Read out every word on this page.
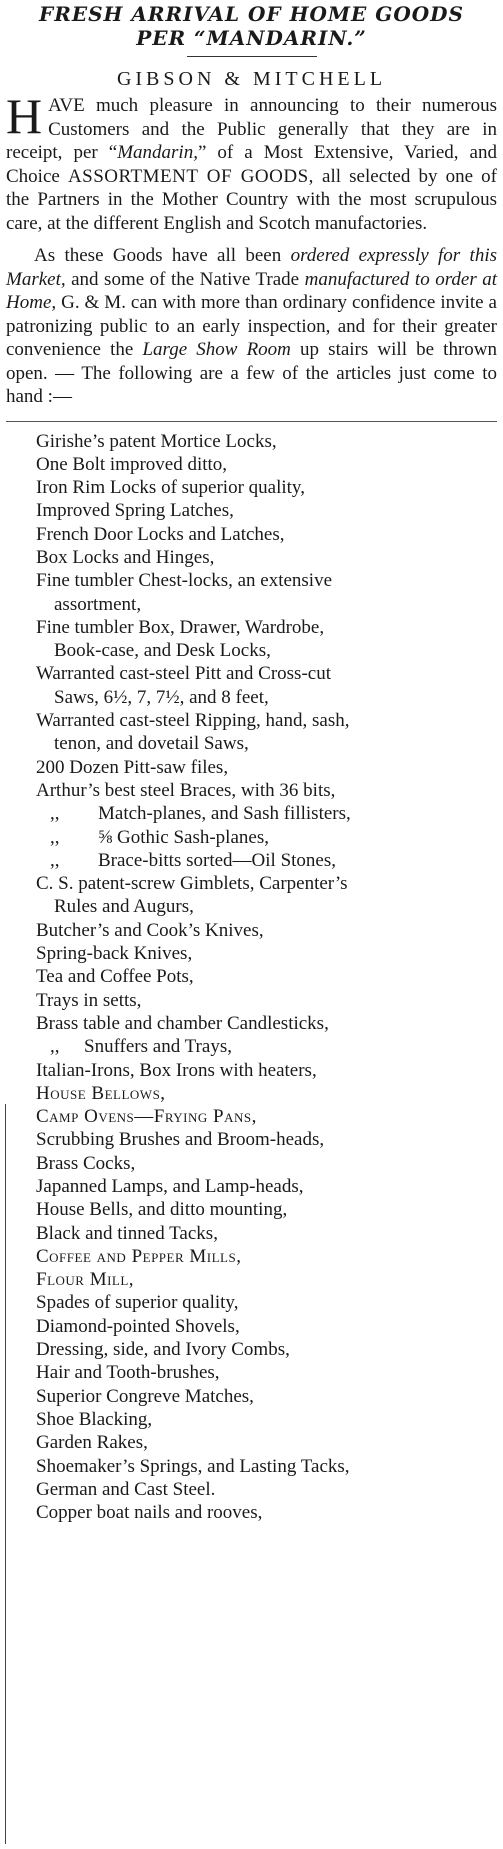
FRESH ARRIVAL OF HOME GOODS

PER “MANDARIN.”

GIBSON & MITCHELL

HAVE much pleasure in announcing to their numerous Customers and the Public generally that they are in receipt, per “Mandarin,” of a Most Extensive, Varied, and Choice ASSORTMENT OF GOODS, all selected by one of the Partners in the Mother Country with the most scrupulous care, at the different English and Scotch manufactories.

As these Goods have all been ordered expressly for this Market, and some of the Native Trade manufactured to order at Home, G. & M. can with more than ordinary confidence invite a patronizing public to an early inspection, and for their greater convenience the Large Show Room up stairs will be thrown open. — The following are a few of the articles just come to hand :—

Girishe’s patent Mortice Locks,
One Bolt improved ditto,
Iron Rim Locks of superior quality,
Improved Spring Latches,
French Door Locks and Latches,
Box Locks and Hinges,
Fine tumbler Chest-locks, an extensive
assortment,
Fine tumbler Box, Drawer, Wardrobe,
Book-case, and Desk Locks,
Warranted cast-steel Pitt and Cross-cut
Saws, 6½, 7, 7½, and 8 feet,
Warranted cast-steel Ripping, hand, sash,
tenon, and dovetail Saws,
200 Dozen Pitt-saw files,
Arthur’s best steel Braces, with 36 bits,
,, Match-planes, and Sash fillisters,
,, ⅝ Gothic Sash-planes,
,, Brace-bitts sorted—Oil Stones,
C. S. patent-screw Gimblets, Carpenter’s
Rules and Augurs,
Butcher’s and Cook’s Knives,
Spring-back Knives,
Tea and Coffee Pots,
Trays in setts,
Brass table and chamber Candlesticks,
,, Snuffers and Trays,
Italian-Irons, Box Irons with heaters,
House Bellows,
Camp Ovens—Frying Pans,
Scrubbing Brushes and Broom-heads,
Brass Cocks,
Japanned Lamps, and Lamp-heads,
House Bells, and ditto mounting,
Black and tinned Tacks,
Coffee and Pepper Mills,
Flour Mill,
Spades of superior quality,
Diamond-pointed Shovels,
Dressing, side, and Ivory Combs,
Hair and Tooth-brushes,
Superior Congreve Matches,
Shoe Blacking,
Garden Rakes,
Shoemaker’s Springs, and Lasting Tacks,
German and Cast Steel.
Copper boat nails and rooves,
